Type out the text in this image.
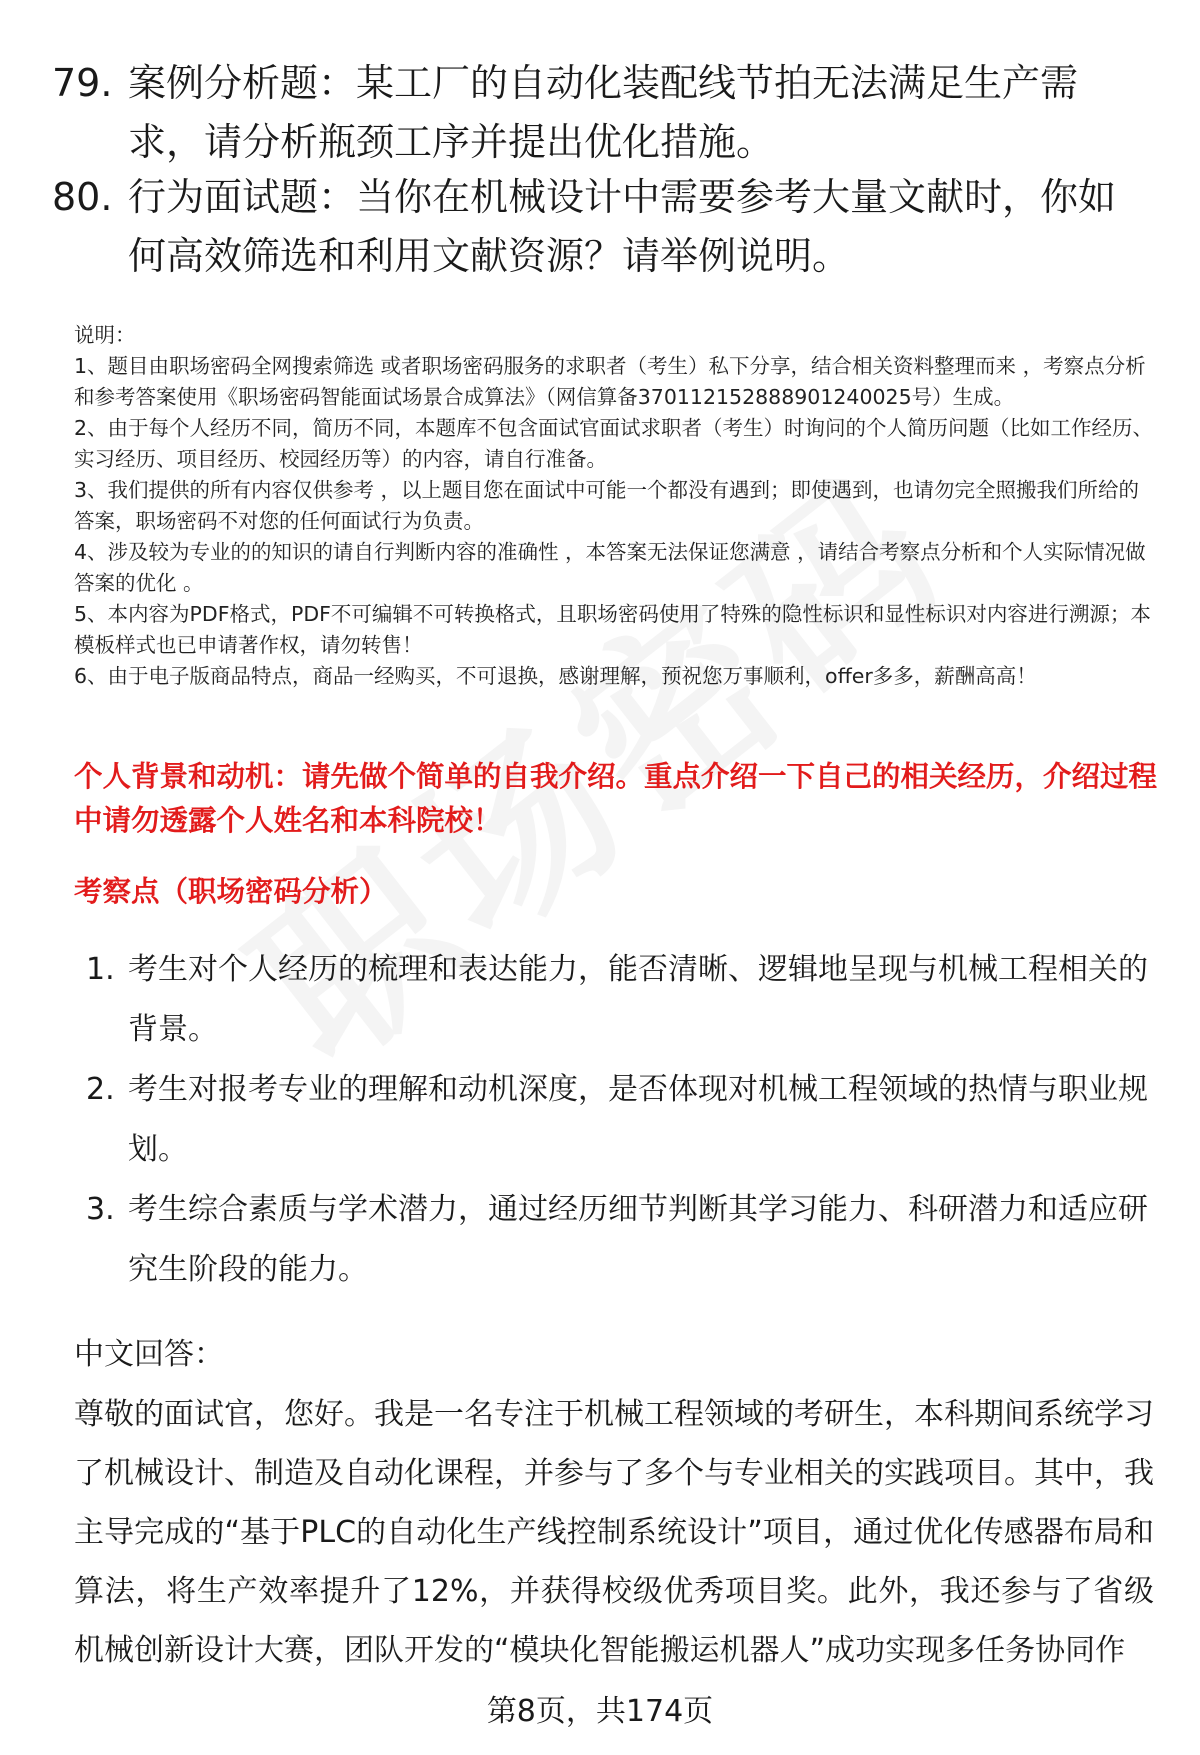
79. 案例分析题：某工厂的自动化装配线节拍无法满足生产需求，请分析瓶颈工序并提出优化措施。
80. 行为面试题：当你在机械设计中需要参考大量文献时，你如何高效筛选和利用文献资源？请举例说明。

说明：

1、题目由职场密码全网搜索筛选 或者职场密码服务的求职者（考生）私下分享，结合相关资料整理而来 ，考察点分析和参考答案使用《职场密码智能面试场景合成算法》（网信算备370112152888901240025号）生成。

2、由于每个人经历不同，简历不同，本题库不包含面试官面试求职者（考生）时询问的个人简历问题（比如工作经历、实习经历、项目经历、校园经历等）的内容，请自行准备。

3、我们提供的所有内容仅供参考 ，以上题目您在面试中可能一个都没有遇到；即使遇到，也请勿完全照搬我们所给的答案，职场密码不对您的任何面试行为负责。

4、涉及较为专业的的知识的请自行判断内容的准确性 ，本答案无法保证您满意 ，请结合考察点分析和个人实际情况做答案的优化 。

5、本内容为PDF格式，PDF不可编辑不可转换格式，且职场密码使用了特殊的隐性标识和显性标识对内容进行溯源；本模板样式也已申请著作权，请勿转售！

6、由于电子版商品特点，商品一经购买，不可退换，感谢理解，预祝您万事顺利，offer多多，薪酬高高！

个人背景和动机：请先做个简单的自我介绍。重点介绍一下自己的相关经历，介绍过程中请勿透露个人姓名和本科院校！
考察点（职场密码分析）
1. 考生对个人经历的梳理和表达能力，能否清晰、逻辑地呈现与机械工程相关的背景。
2. 考生对报考专业的理解和动机深度，是否体现对机械工程领域的热情与职业规划。
3. 考生综合素质与学术潜力，通过经历细节判断其学习能力、科研潜力和适应研究生阶段的能力。
中文回答：
尊敬的面试官，您好。我是一名专注于机械工程领域的考研生，本科期间系统学习了机械设计、制造及自动化课程，并参与了多个与专业相关的实践项目。其中，我主导完成的“基于PLC的自动化生产线控制系统设计”项目，通过优化传感器布局和算法，将生产效率提升了12%，并获得校级优秀项目奖。此外，我还参与了省级机械创新设计大赛，团队开发的“模块化智能搬运机器人”成功实现多任务协同作
第8页，共174页
